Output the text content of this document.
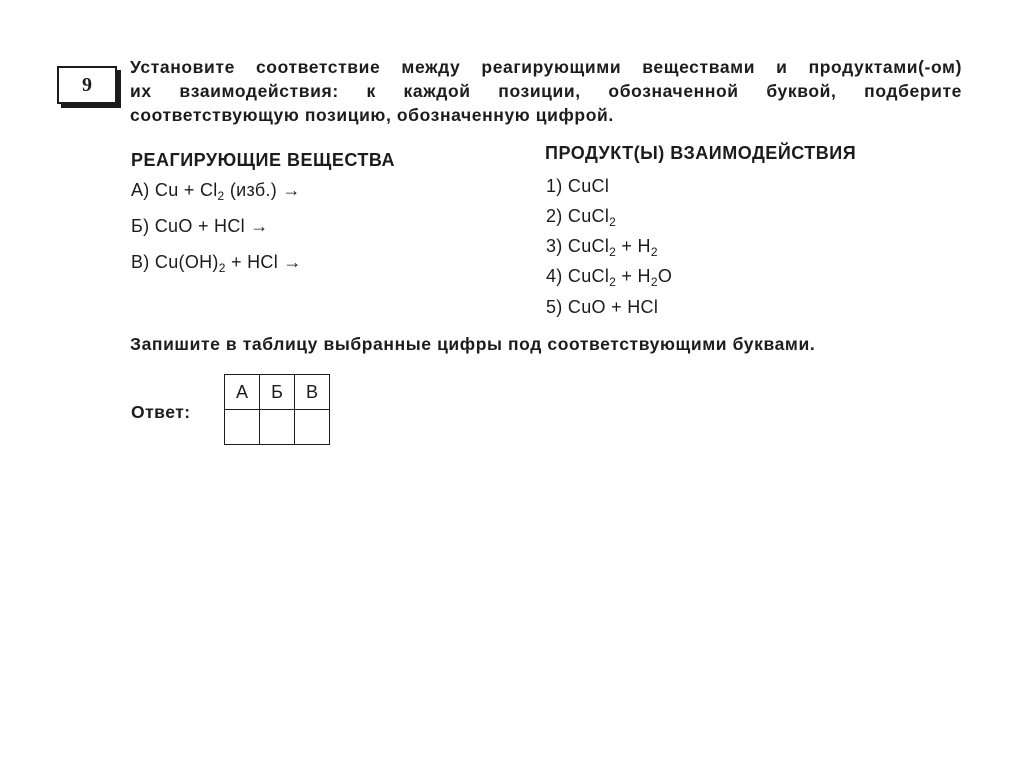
9
Установите соответствие между реагирующими веществами и продуктами(-ом)
их взаимодействия: к каждой позиции, обозначенной буквой, подберите
соответствующую позицию, обозначенную цифрой.
РЕАГИРУЮЩИЕ ВЕЩЕСТВА
А) $Cu + Cl_2$ (изб.) →
Б) CuO + HCl →
В) $Cu(OH)_2$ + HCl →
ПРОДУКТ(Ы) ВЗАИМОДЕЙСТВИЯ
1) CuCl
2) CuCl$_2$
3) CuCl$_2$ + $H_2$
4) CuCl$_2$ + $H_2O$
5) CuO + HCl
Запишите в таблицу выбранные цифры под соответствующими буквами.
Ответ:
А	Б	В
